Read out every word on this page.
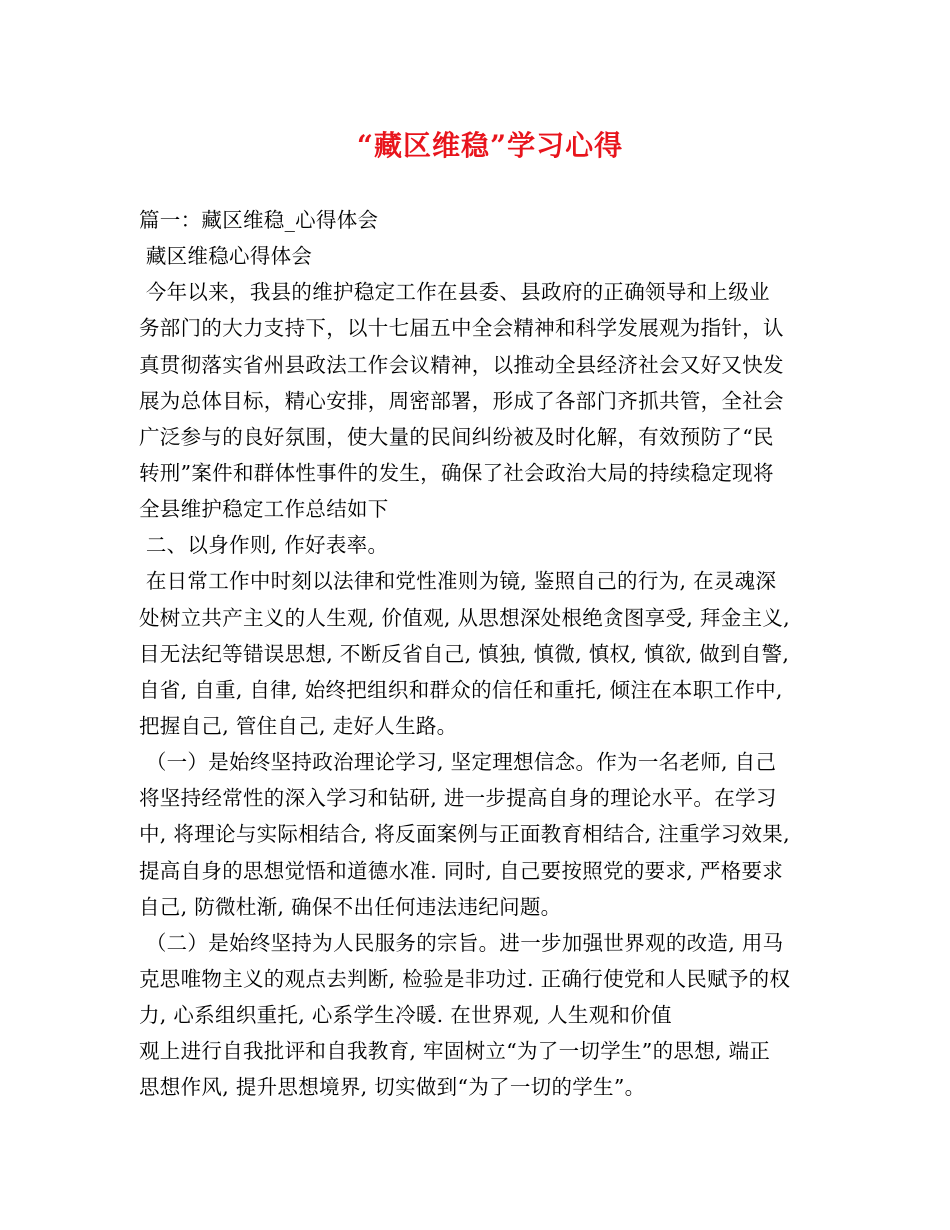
“藏区维稳”学习心得
篇一：藏区维稳_心得体会
藏区维稳心得体会
今年以来，我县的维护稳定工作在县委、县政府的正确领导和上级业
务部门的大力支持下，以十七届五中全会精神和科学发展观为指针，认
真贯彻落实省州县政法工作会议精神，以推动全县经济社会又好又快发
展为总体目标，精心安排，周密部署，形成了各部门齐抓共管，全社会
广泛参与的良好氛围，使大量的民间纠纷被及时化解，有效预防了“民
转刑”案件和群体性事件的发生，确保了社会政治大局的持续稳定现将
全县维护稳定工作总结如下
二、以身作则, 作好表率。
在日常工作中时刻以法律和党性准则为镜, 鉴照自己的行为, 在灵魂深
处树立共产主义的人生观, 价值观, 从思想深处根绝贪图享受, 拜金主义,
目无法纪等错误思想, 不断反省自己, 慎独, 慎微, 慎权, 慎欲, 做到自警,
自省, 自重, 自律, 始终把组织和群众的信任和重托, 倾注在本职工作中,
把握自己, 管住自己, 走好人生路。
（一）是始终坚持政治理论学习, 坚定理想信念。作为一名老师, 自己
将坚持经常性的深入学习和钻研, 进一步提高自身的理论水平。在学习
中, 将理论与实际相结合, 将反面案例与正面教育相结合, 注重学习效果,
提高自身的思想觉悟和道德水准. 同时, 自己要按照党的要求, 严格要求
自己, 防微杜渐, 确保不出任何违法违纪问题。
（二）是始终坚持为人民服务的宗旨。进一步加强世界观的改造, 用马
克思唯物主义的观点去判断, 检验是非功过. 正确行使党和人民赋予的权
力, 心系组织重托, 心系学生冷暖. 在世界观, 人生观和价值
观上进行自我批评和自我教育, 牢固树立“为了一切学生”的思想, 端正
思想作风, 提升思想境界, 切实做到“为了一切的学生”。
